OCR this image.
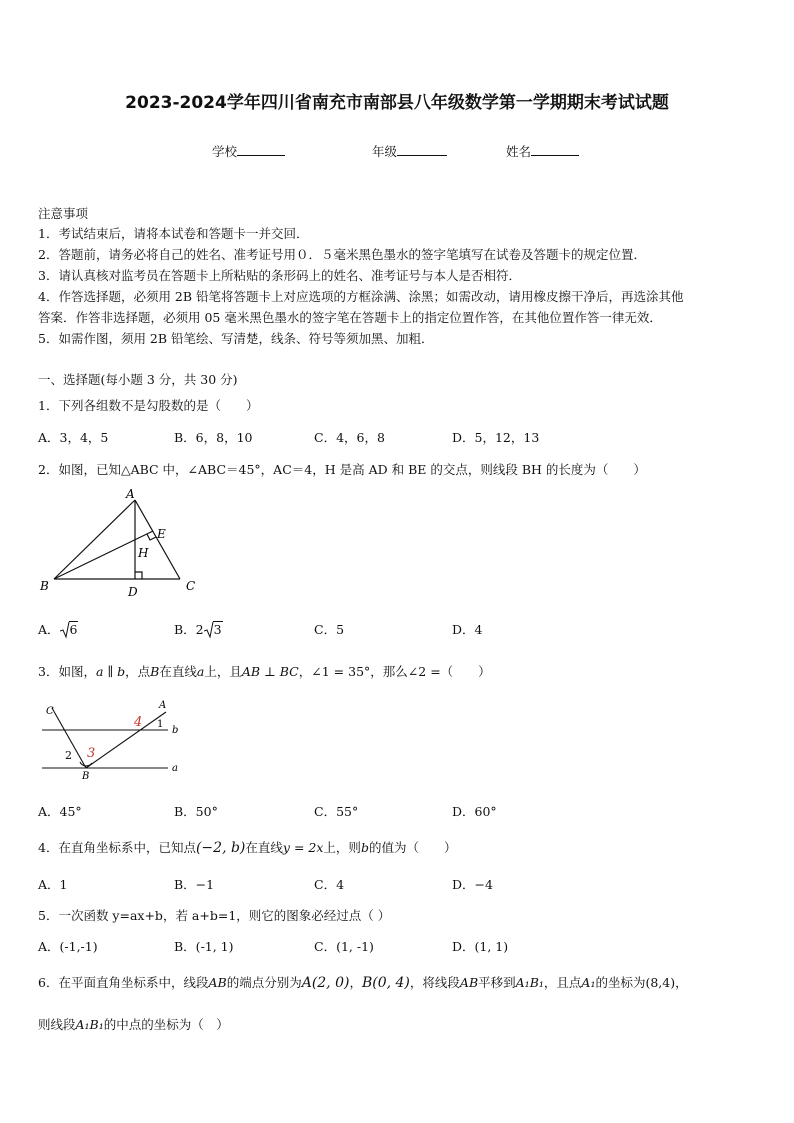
2023-2024学年四川省南充市南部县八年级数学第一学期期末考试试题
学校	年级	姓名
注意事项
1．考试结束后，请将本试卷和答题卡一并交回．
2．答题前，请务必将自己的姓名、准考证号用０．５毫米黑色墨水的签字笔填写在试卷及答题卡的规定位置．
3．请认真核对监考员在答题卡上所粘贴的条形码上的姓名、准考证号与本人是否相符．
4．作答选择题，必须用 2B 铅笔将答题卡上对应选项的方框涂满、涂黑；如需改动，请用橡皮擦干净后，再选涂其他
答案．作答非选择题，必须用 05 毫米黑色墨水的签字笔在答题卡上的指定位置作答，在其他位置作答一律无效．
5．如需作图，须用 2B 铅笔绘、写清楚，线条、符号等须加黑、加粗．
一、选择题(每小题 3 分，共 30 分)
1．下列各组数不是勾股数的是（　　）
A．3，4，5	B．6，8，10	C．4，6，8	D．5，12，13
2．如图，已知△ABC 中，∠ABC＝45°，AC＝4，H 是高 AD 和 BE 的交点，则线段 BH 的长度为（　　）
A
B	C
D
E
H
A． 6	B．2 3	C．5	D．4
3．如图，a ∥ b，点B在直线a上，且AB ⊥ BC，∠1 = 35°，那么∠2 =（　　）
C
A
B
b
a
1
2 3
4
A．45°	B．50°	C．55°	D．60°
4．在直角坐标系中，已知点(−2, b)在直线y = 2x上，则b的值为（　　）
A．1	B．−1	C．4	D．−4
5．一次函数 y=ax+b，若 a+b=1，则它的图象必经过点（ ）
A．(-1,-1)	B．(-1, 1)	C．(1, -1)	D．(1, 1)
6．在平面直角坐标系中，线段AB的端点分别为A(2, 0)，B(0, 4)，将线段AB平移到A₁B₁，且点A₁的坐标为(8,4)，
则线段A₁B₁的中点的坐标为（　）
